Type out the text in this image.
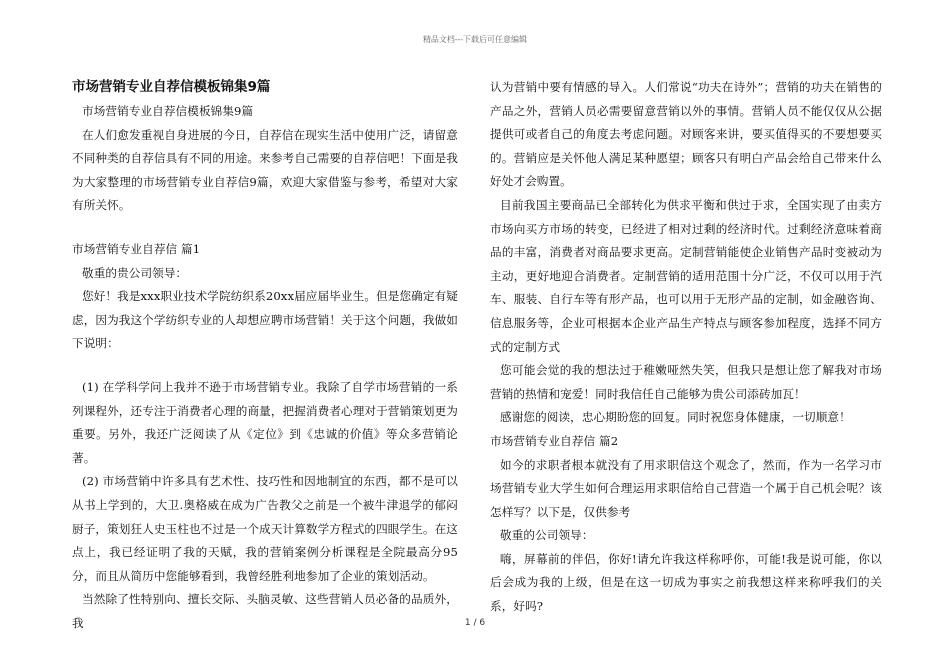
精品文档---下载后可任意编辑
市场营销专业自荐信模板锦集9篇

市场营销专业自荐信模板锦集9篇

在人们愈发重视自身进展的今日，自荐信在现实生活中使用广泛，请留意不同种类的自荐信具有不同的用途。来参考自己需要的自荐信吧！下面是我为大家整理的市场营销专业自荐信9篇，欢迎大家借鉴与参考，希望对大家有所关怀。

市场营销专业自荐信 篇1

敬重的贵公司领导：

您好！我是xxx职业技术学院纺织系20xx届应届毕业生。但是您确定有疑虑，因为我这个学纺织专业的人却想应聘市场营销！关于这个问题，我做如下说明：

(1) 在学科学问上我并不逊于市场营销专业。我除了自学市场营销的一系列课程外，还专注于消费者心理的商量，把握消费者心理对于营销策划更为重要。另外，我还广泛阅读了从《定位》到《忠诚的价值》等众多营销论著。

(2) 市场营销中许多具有艺术性、技巧性和因地制宜的东西，都不是可以从书上学到的，大卫.奥格威在成为广告教父之前是一个被牛津退学的郁闷厨子，策划狂人史玉柱也不过是一个成天计算数学方程式的四眼学生。在这点上，我已经证明了我的天赋，我的营销案例分析课程是全院最高分95分，而且从简历中您能够看到，我曾经胜利地参加了企业的策划活动。

当然除了性特别向、擅长交际、头脑灵敏、这些营销人员必备的品质外，我

认为营销中要有情感的导入。人们常说“功夫在诗外”；营销的功夫在销售的产品之外，营销人员必需要留意营销以外的事情。营销人员不能仅仅从公据提供可或者自己的角度去考虑问题。对顾客来讲，要买值得买的不要想要买的。营销应是关怀他人满足某种愿望；顾客只有明白产品会给自己带来什么好处才会购置。

目前我国主要商品已全部转化为供求平衡和供过于求，全国实现了由卖方市场向买方市场的转变，已经进了相对过剩的经济时代。过剩经济意味着商品的丰富，消费者对商品要求更高。定制营销能使企业销售产品时变被动为主动，更好地迎合消费者。定制营销的适用范围十分广泛，不仅可以用于汽车、服装、自行车等有形产品，也可以用于无形产品的定制，如金融咨询、信息服务等，企业可根据本企业产品生产特点与顾客参加程度，选择不同方式的定制方式

您可能会觉的我的想法过于稚嫩哑然失笑，但我只是想让您了解我对市场营销的热情和宠爱！同时我信任自己能够为贵公司添砖加瓦！

感谢您的阅读，忠心期盼您的回复。同时祝您身体健康，一切顺意！

市场营销专业自荐信 篇2

如今的求职者根本就没有了用求职信这个观念了，然而，作为一名学习市场营销专业大学生如何合理运用求职信给自己营造一个属于自己机会呢？该怎样写？以下是，仅供参考

敬重的公司领导：

嗨，屏幕前的伴侣，你好!请允许我这样称呼你，可能!我是说可能，你以后会成为我的上级，但是在这一切成为事实之前我想这样来称呼我们的关系，好吗?

1 / 6
